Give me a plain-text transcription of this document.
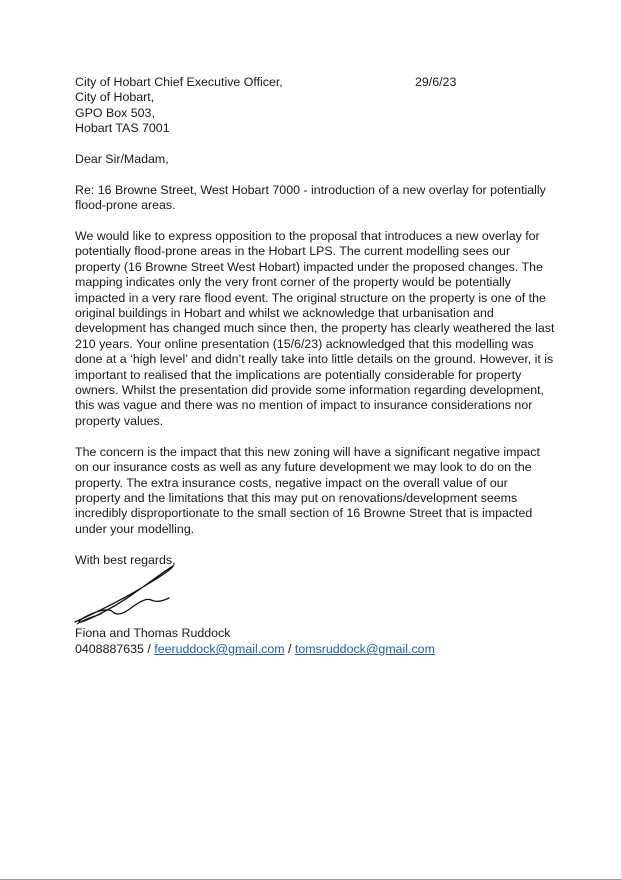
City of Hobart Chief Executive Officer,
City of Hobart,
GPO Box 503,
Hobart TAS 7001

Dear Sir/Madam,

Re: 16 Browne Street, West Hobart 7000 - introduction of a new overlay for potentially flood-prone areas.

We would like to express opposition to the proposal that introduces a new overlay for potentially flood-prone areas in the Hobart LPS. The current modelling sees our property (16 Browne Street West Hobart) impacted under the proposed changes. The mapping indicates only the very front corner of the property would be potentially impacted in a very rare flood event. The original structure on the property is one of the original buildings in Hobart and whilst we acknowledge that urbanisation and development has changed much since then, the property has clearly weathered the last 210 years. Your online presentation (15/6/23) acknowledged that this modelling was done at a ‘high level’ and didn’t really take into little details on the ground. However, it is important to realised that the implications are potentially considerable for property owners. Whilst the presentation did provide some information regarding development, this was vague and there was no mention of impact to insurance considerations nor property values.

The concern is the impact that this new zoning will have a significant negative impact on our insurance costs as well as any future development we may look to do on the property. The extra insurance costs, negative impact on the overall value of our property and the limitations that this may put on renovations/development seems incredibly disproportionate to the small section of 16 Browne Street that is impacted under your modelling.

With best regards,

29/6/23
Fiona and Thomas Ruddock
0408887635 / feeruddock@gmail.com / tomsruddock@gmail.com
